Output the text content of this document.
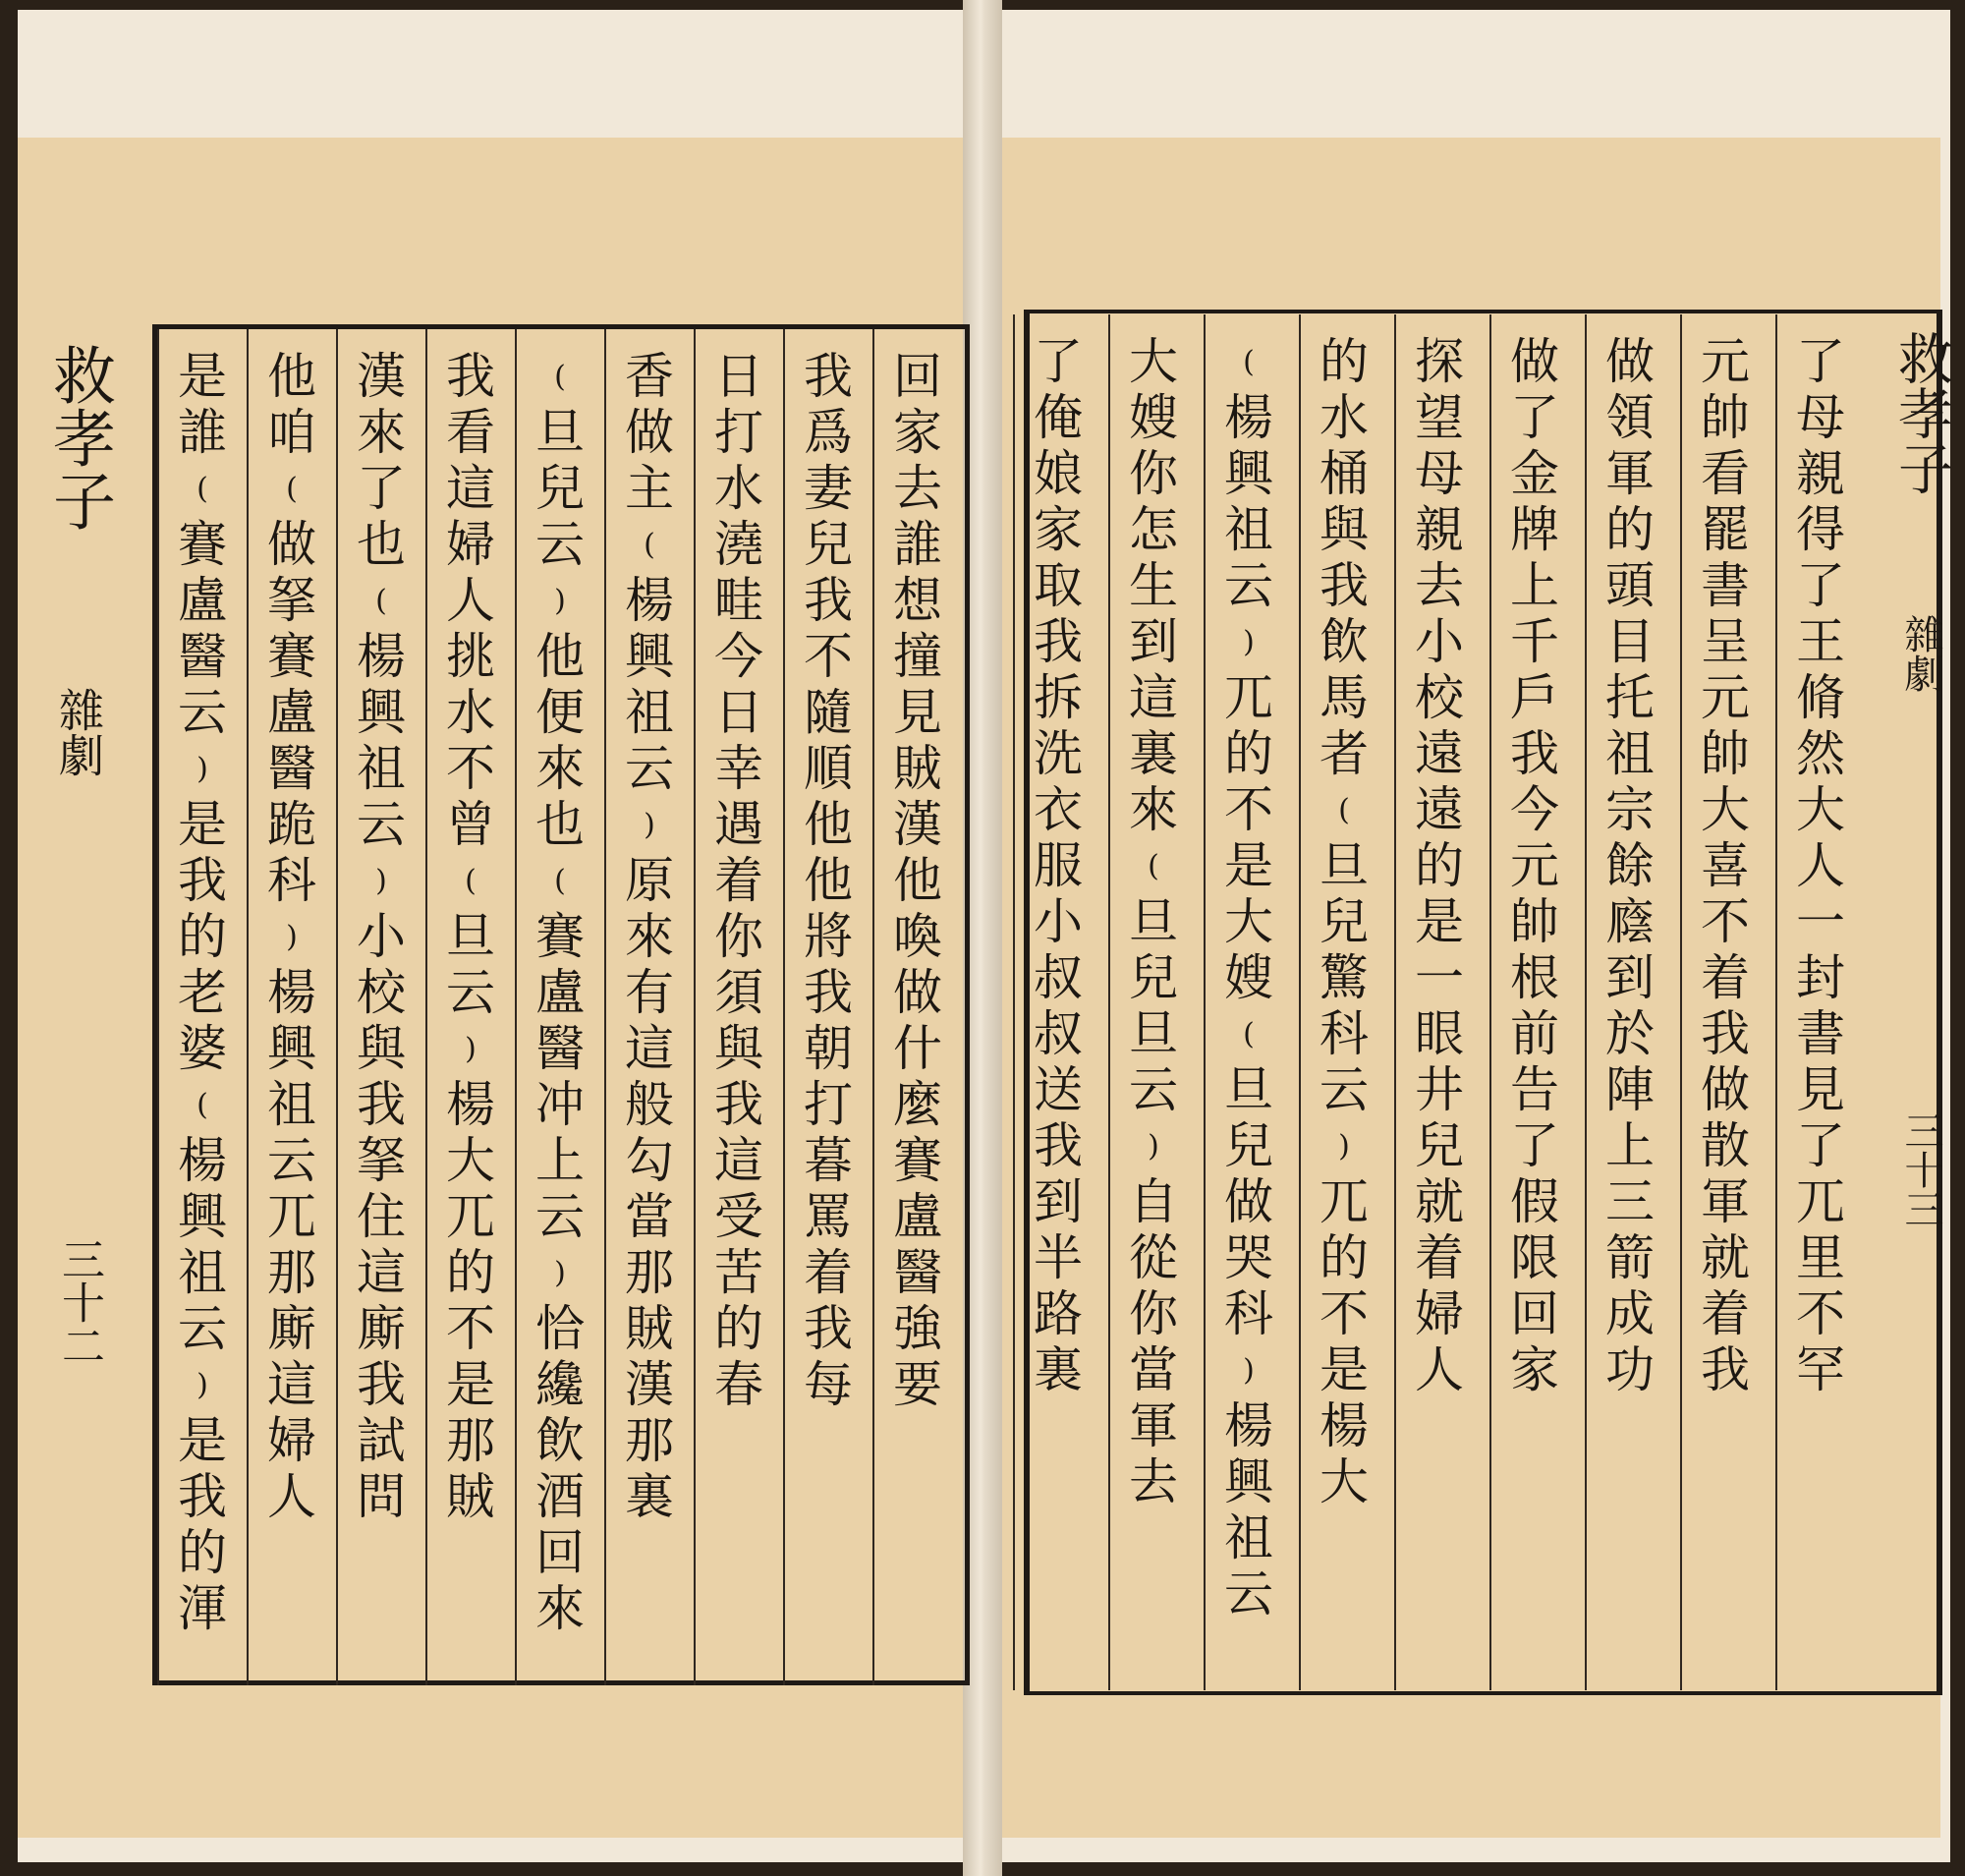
回
家
去
誰
想
撞
見
賊
漢
他
喚
做
什
麼
賽
盧
醫
強
要
我
爲
妻
兒
我
不
隨
順
他
他
將
我
朝
打
暮
罵
着
我
每
日
打
水
澆
畦
今
日
幸
遇
着
你
須
與
我
這
受
苦
的
春
香
做
主
(
楊
興
祖
云
)
原
來
有
這
般
勾
當
那
賊
漢
那
裏
(
旦
兒
云
)
他
便
來
也
(
賽
盧
醫
冲
上
云
)
恰
纔
飲
酒
回
來
我
看
這
婦
人
挑
水
不
曾
(
旦
云
)
楊
大
兀
的
不
是
那
賊
漢
來
了
也
(
楊
興
祖
云
)
小
校
與
我
拏
住
這
廝
我
試
問
他
咱
(
做
拏
賽
盧
醫
跪
科
)
楊
興
祖
云
兀
那
廝
這
婦
人
是
誰
(
賽
盧
醫
云
)
是
我
的
老
婆
(
楊
興
祖
云
)
是
我
的
渾
救孝子
雜劇
三十二
了
母
親
得
了
王
脩
然
大
人
一
封
書
見
了
兀
里
不
罕
元
帥
看
罷
書
呈
元
帥
大
喜
不
着
我
做
散
軍
就
着
我
做
領
軍
的
頭
目
托
祖
宗
餘
廕
到
於
陣
上
三
箭
成
功
做
了
金
牌
上
千
戶
我
今
元
帥
根
前
告
了
假
限
回
家
探
望
母
親
去
小
校
遠
遠
的
是
一
眼
井
兒
就
着
婦
人
的
水
桶
與
我
飲
馬
者
(
旦
兒
驚
科
云
)
兀
的
不
是
楊
大
(
楊
興
祖
云
)
兀
的
不
是
大
嫂
(
旦
兒
做
哭
科
)
楊
興
祖
云
大
嫂
你
怎
生
到
這
裏
來
(
旦
兒
旦
云
)
自
從
你
當
軍
去
了
俺
娘
家
取
我
拆
洗
衣
服
小
叔
叔
送
我
到
半
路
裏
救孝子
雜劇
三十三
